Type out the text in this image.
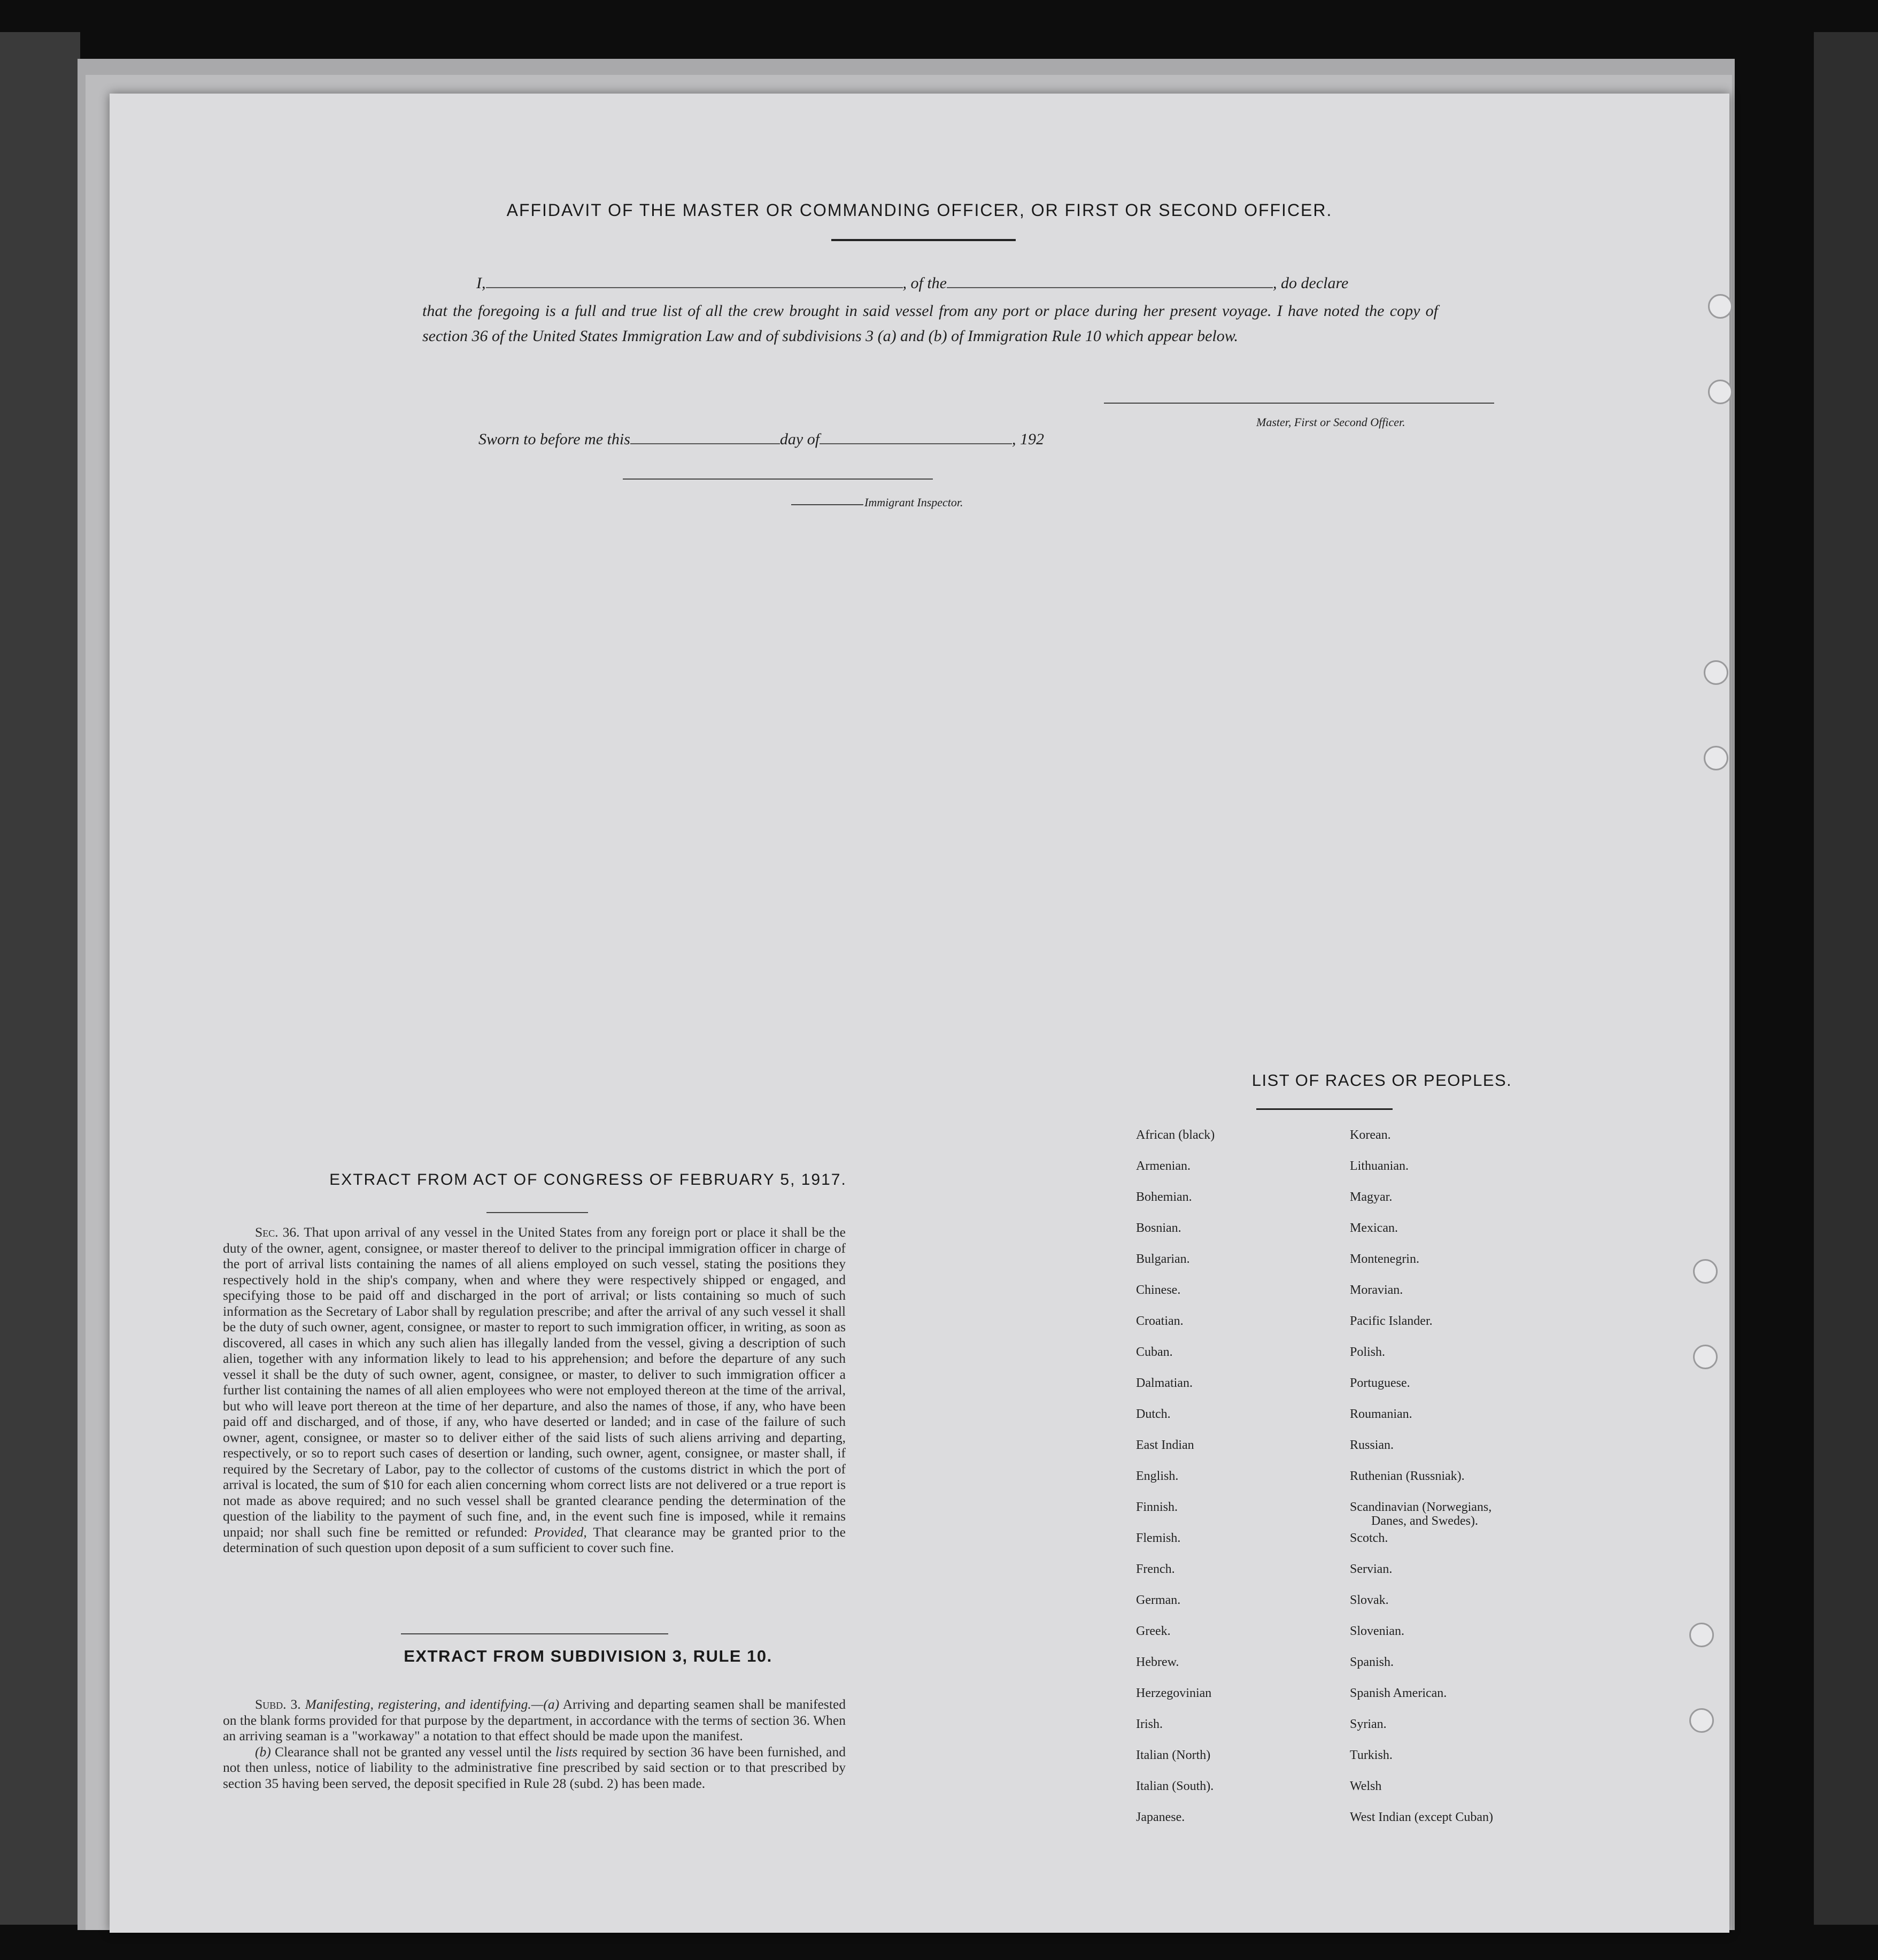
AFFIDAVIT OF THE MASTER OR COMMANDING OFFICER, OR FIRST OR SECOND OFFICER.
I,	, of the	, do declare
that the foregoing is a full and true list of all the crew brought in said vessel from any port or place during her present voyage. I have noted the copy of section 36 of the United States Immigration Law and of subdivisions 3 (a) and (b) of Immigration Rule 10 which appear below.
Master, First or Second Officer.
Sworn to before me this	day of	, 192
Immigrant Inspector.
EXTRACT FROM ACT OF CONGRESS OF FEBRUARY 5, 1917.
Sec. 36. That upon arrival of any vessel in the United States from any foreign port or place it shall be the duty of the owner, agent, consignee, or master thereof to deliver to the principal immigration officer in charge of the port of arrival lists containing the names of all aliens employed on such vessel, stating the positions they respectively hold in the ship's company, when and where they were respectively shipped or engaged, and specifying those to be paid off and discharged in the port of arrival; or lists containing so much of such information as the Secretary of Labor shall by regulation prescribe; and after the arrival of any such vessel it shall be the duty of such owner, agent, consignee, or master to report to such immigration officer, in writing, as soon as discovered, all cases in which any such alien has illegally landed from the vessel, giving a description of such alien, together with any information likely to lead to his apprehension; and before the departure of any such vessel it shall be the duty of such owner, agent, consignee, or master, to deliver to such immigration officer a further list containing the names of all alien employees who were not employed thereon at the time of the arrival, but who will leave port thereon at the time of her departure, and also the names of those, if any, who have been paid off and discharged, and of those, if any, who have deserted or landed; and in case of the failure of such owner, agent, consignee, or master so to deliver either of the said lists of such aliens arriving and departing, respectively, or so to report such cases of desertion or landing, such owner, agent, consignee, or master shall, if required by the Secretary of Labor, pay to the collector of customs of the customs district in which the port of arrival is located, the sum of $10 for each alien concerning whom correct lists are not delivered or a true report is not made as above required; and no such vessel shall be granted clearance pending the determination of the question of the liability to the payment of such fine, and, in the event such fine is imposed, while it remains unpaid; nor shall such fine be remitted or refunded: Provided, That clearance may be granted prior to the determination of such question upon deposit of a sum sufficient to cover such fine.
EXTRACT FROM SUBDIVISION 3, RULE 10.
Subd. 3. Manifesting, registering, and identifying.—(a) Arriving and departing seamen shall be manifested on the blank forms provided for that purpose by the department, in accordance with the terms of section 36. When an arriving seaman is a "workaway" a notation to that effect should be made upon the manifest.
(b) Clearance shall not be granted any vessel until the lists required by section 36 have been furnished, and not then unless, notice of liability to the administrative fine prescribed by said section or to that prescribed by section 35 having been served, the deposit specified in Rule 28 (subd. 2) has been made.
LIST OF RACES OR PEOPLES.
African (black)
Armenian.
Bohemian.
Bosnian.
Bulgarian.
Chinese.
Croatian.
Cuban.
Dalmatian.
Dutch.
East Indian
English.
Finnish.
Flemish.
French.
German.
Greek.
Hebrew.
Herzegovinian
Irish.
Italian (North)
Italian (South).
Japanese.
Korean.
Lithuanian.
Magyar.
Mexican.
Montenegrin.
Moravian.
Pacific Islander.
Polish.
Portuguese.
Roumanian.
Russian.
Ruthenian (Russniak).
Scandinavian (Norwegians,
Danes, and Swedes).
Scotch.
Servian.
Slovak.
Slovenian.
Spanish.
Spanish American.
Syrian.
Turkish.
Welsh
West Indian (except Cuban)
